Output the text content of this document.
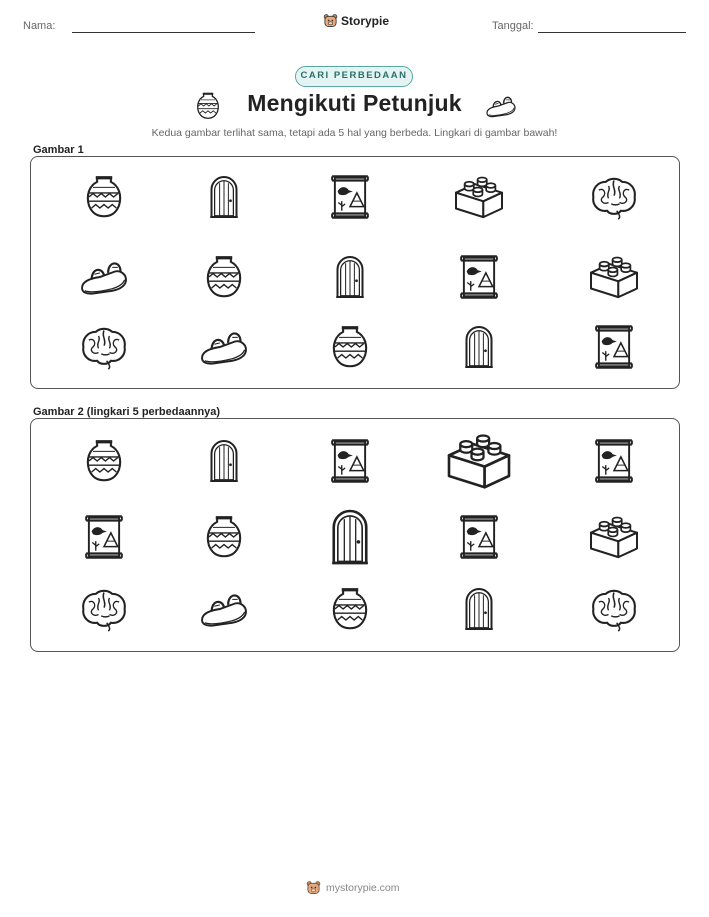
Nama:	Storypie	Tanggal:
CARI PERBEDAAN
Mengikuti Petunjuk
Kedua gambar terlihat sama, tetapi ada 5 hal yang berbeda. Lingkari di gambar bawah!
Gambar 1
Gambar 2 (lingkari 5 perbedaannya)
mystorypie.com
